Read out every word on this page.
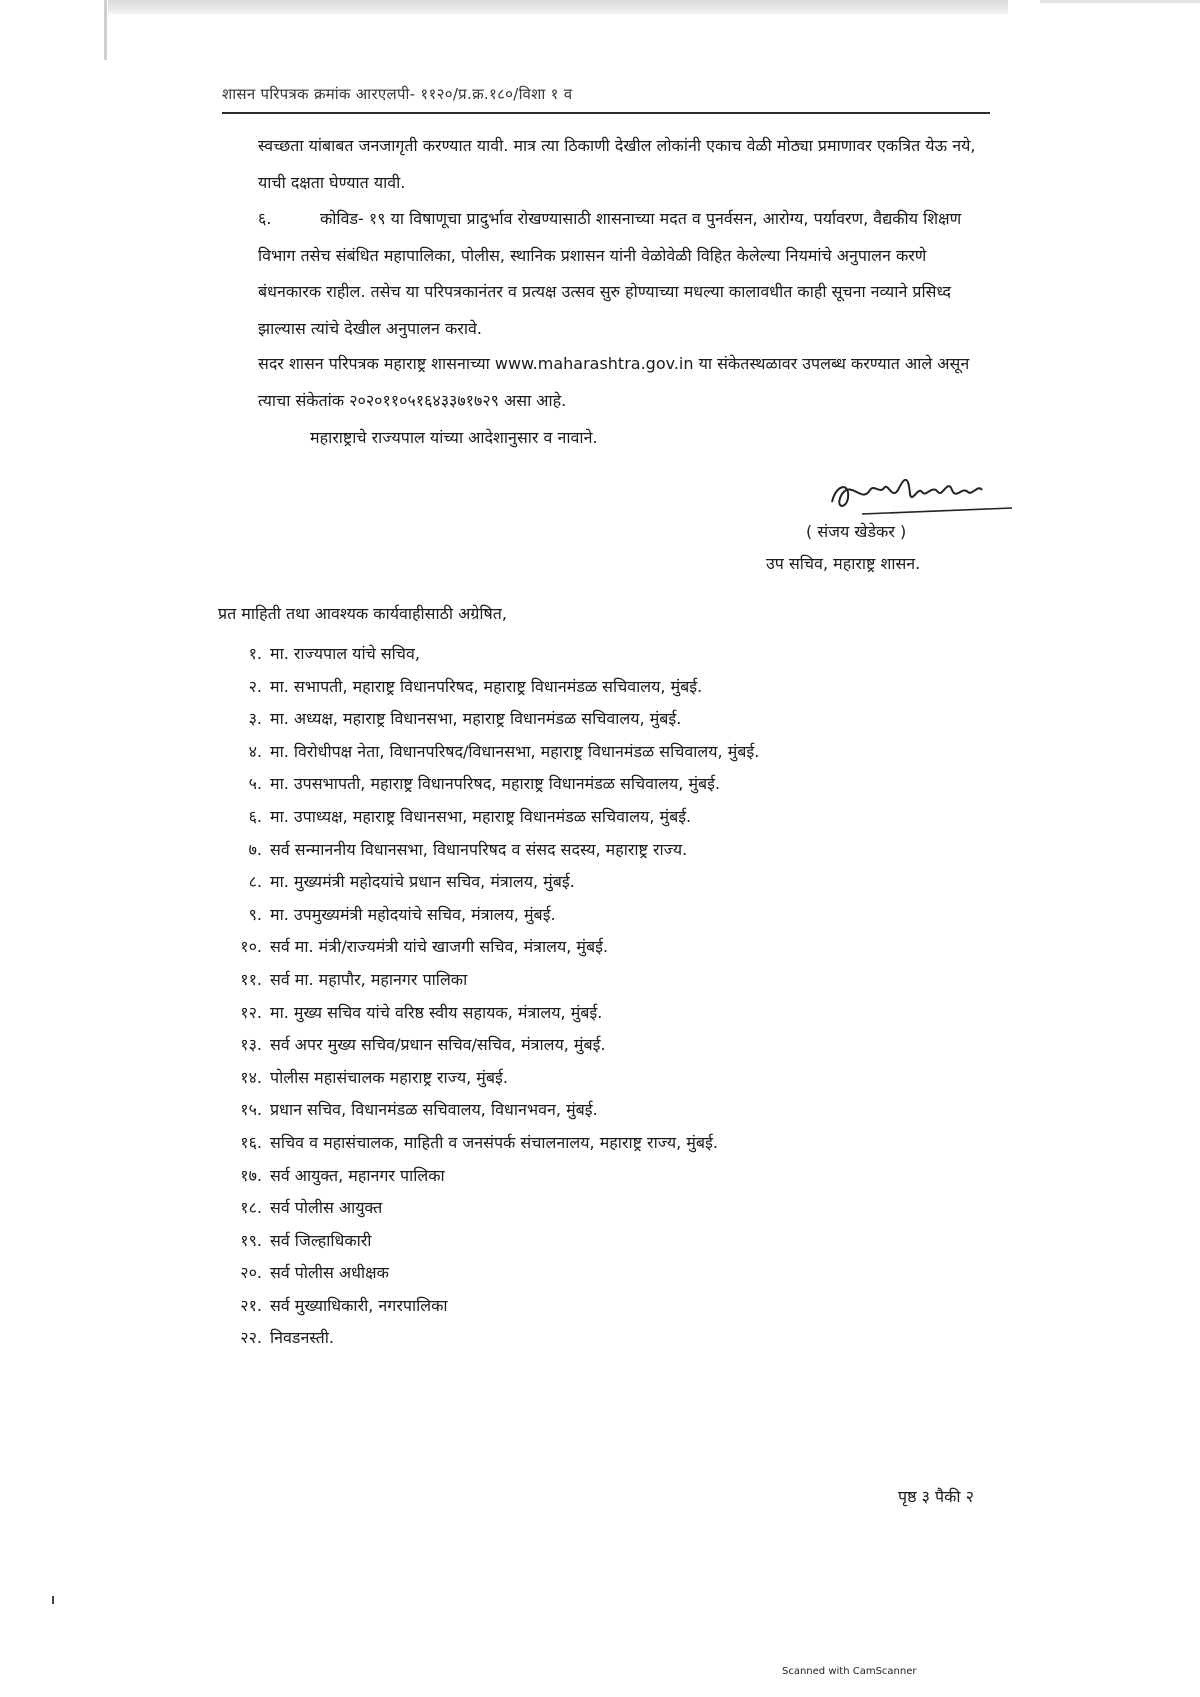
शासन परिपत्रक क्रमांक आरएलपी- ११२०/प्र.क्र.१८०/विशा १ व
स्वच्छता यांबाबत जनजागृती करण्यात यावी. मात्र त्या ठिकाणी देखील लोकांनी एकाच वेळी मोठ्या प्रमाणावर एकत्रित येऊ नये, याची दक्षता घेण्यात यावी.
६.	कोविड- १९ या विषाणूचा प्रादुर्भाव रोखण्यासाठी शासनाच्या मदत व पुनर्वसन, आरोग्य, पर्यावरण, वैद्यकीय शिक्षण विभाग तसेच संबंधित महापालिका, पोलीस, स्थानिक प्रशासन यांनी वेळोवेळी विहित केलेल्या नियमांचे अनुपालन करणे बंधनकारक राहील. तसेच या परिपत्रकानंतर व प्रत्यक्ष उत्सव सुरु होण्याच्या मधल्या कालावधीत काही सूचना नव्याने प्रसिध्द झाल्यास त्यांचे देखील अनुपालन करावे.
सदर शासन परिपत्रक महाराष्ट्र शासनाच्या www.maharashtra.gov.in या संकेतस्थळावर उपलब्ध करण्यात आले असून त्याचा संकेतांक २०२०११०५१६४३३७१७२९ असा आहे.
महाराष्ट्राचे राज्यपाल यांच्या आदेशानुसार व नावाने.
( संजय खेडेकर )
उप सचिव, महाराष्ट्र शासन.
प्रत माहिती तथा आवश्यक कार्यवाहीसाठी अग्रेषित,
१. मा. राज्यपाल यांचे सचिव,
२. मा. सभापती, महाराष्ट्र विधानपरिषद, महाराष्ट्र विधानमंडळ सचिवालय, मुंबई.
३. मा. अध्यक्ष, महाराष्ट्र विधानसभा, महाराष्ट्र विधानमंडळ सचिवालय, मुंबई.
४. मा. विरोधीपक्ष नेता, विधानपरिषद/विधानसभा, महाराष्ट्र विधानमंडळ सचिवालय, मुंबई.
५. मा. उपसभापती, महाराष्ट्र विधानपरिषद, महाराष्ट्र विधानमंडळ सचिवालय, मुंबई.
६. मा. उपाध्यक्ष, महाराष्ट्र विधानसभा, महाराष्ट्र विधानमंडळ सचिवालय, मुंबई.
७. सर्व सन्माननीय विधानसभा, विधानपरिषद व संसद सदस्य, महाराष्ट्र राज्य.
८. मा. मुख्यमंत्री महोदयांचे प्रधान सचिव, मंत्रालय, मुंबई.
९. मा. उपमुख्यमंत्री महोदयांचे सचिव, मंत्रालय, मुंबई.
१०. सर्व मा. मंत्री/राज्यमंत्री यांचे खाजगी सचिव, मंत्रालय, मुंबई.
११. सर्व मा. महापौर, महानगर पालिका
१२. मा. मुख्य सचिव यांचे वरिष्ठ स्वीय सहायक, मंत्रालय, मुंबई.
१३. सर्व अपर मुख्य सचिव/प्रधान सचिव/सचिव, मंत्रालय, मुंबई.
१४. पोलीस महासंचालक महाराष्ट्र राज्य, मुंबई.
१५. प्रधान सचिव, विधानमंडळ सचिवालय, विधानभवन, मुंबई.
१६. सचिव व महासंचालक, माहिती व जनसंपर्क संचालनालय, महाराष्ट्र राज्य, मुंबई.
१७. सर्व आयुक्त, महानगर पालिका
१८. सर्व पोलीस आयुक्त
१९. सर्व जिल्हाधिकारी
२०. सर्व पोलीस अधीक्षक
२१. सर्व मुख्याधिकारी, नगरपालिका
२२. निवडनस्ती.
पृष्ठ ३ पैकी २
Scanned with CamScanner
